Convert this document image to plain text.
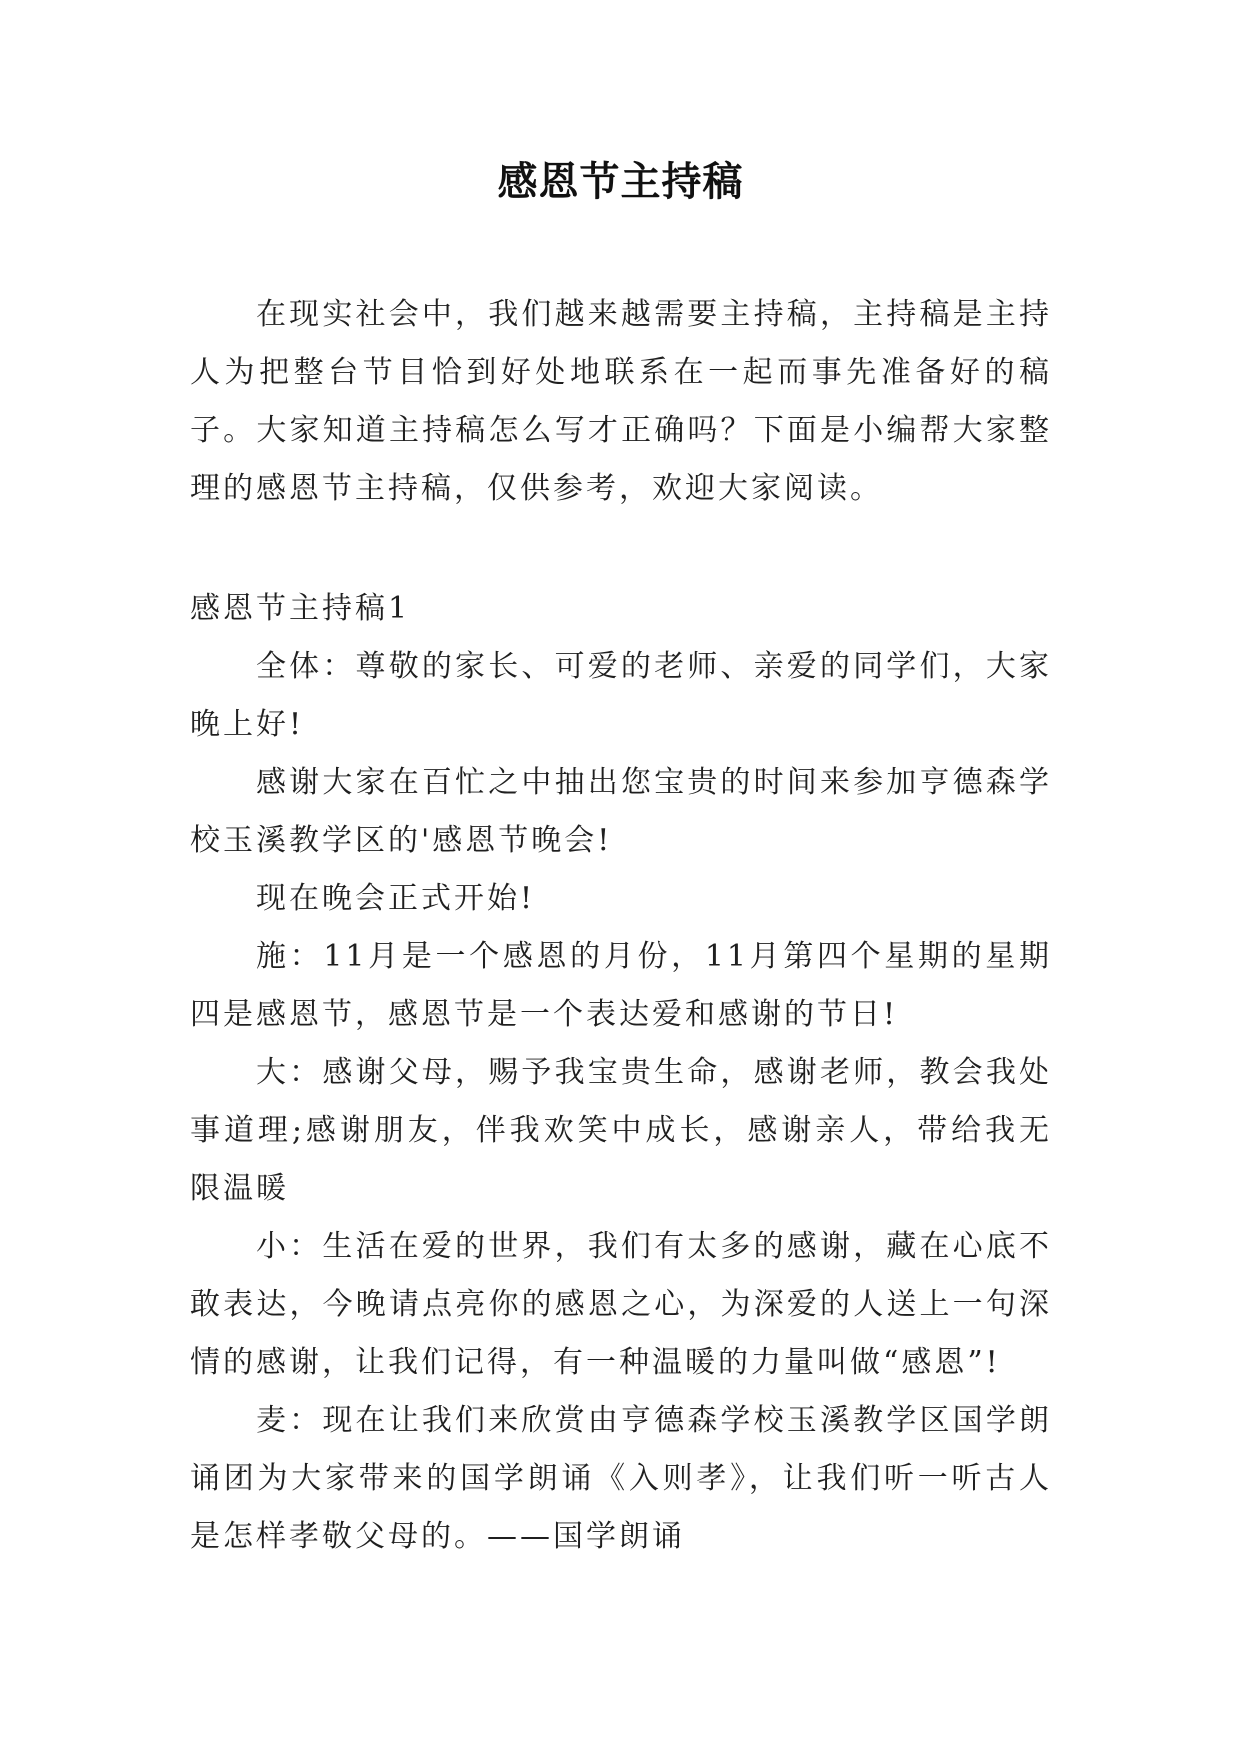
感恩节主持稿

在现实社会中，我们越来越需要主持稿，主持稿是主持人为把整台节目恰到好处地联系在一起而事先准备好的稿子。大家知道主持稿怎么写才正确吗？下面是小编帮大家整理的感恩节主持稿，仅供参考，欢迎大家阅读。

感恩节主持稿1

全体：尊敬的家长、可爱的老师、亲爱的同学们，大家晚上好!

感谢大家在百忙之中抽出您宝贵的时间来参加亨德森学校玉溪教学区的'感恩节晚会!

现在晚会正式开始!

施：11月是一个感恩的月份，11月第四个星期的星期四是感恩节，感恩节是一个表达爱和感谢的节日!

大：感谢父母，赐予我宝贵生命，感谢老师，教会我处事道理;感谢朋友，伴我欢笑中成长，感谢亲人，带给我无限温暖

小：生活在爱的世界，我们有太多的感谢，藏在心底不敢表达，今晚请点亮你的感恩之心，为深爱的人送上一句深情的感谢，让我们记得，有一种温暖的力量叫做“感恩”!

麦：现在让我们来欣赏由亨德森学校玉溪教学区国学朗诵团为大家带来的国学朗诵《入则孝》，让我们听一听古人是怎样孝敬父母的。——国学朗诵
